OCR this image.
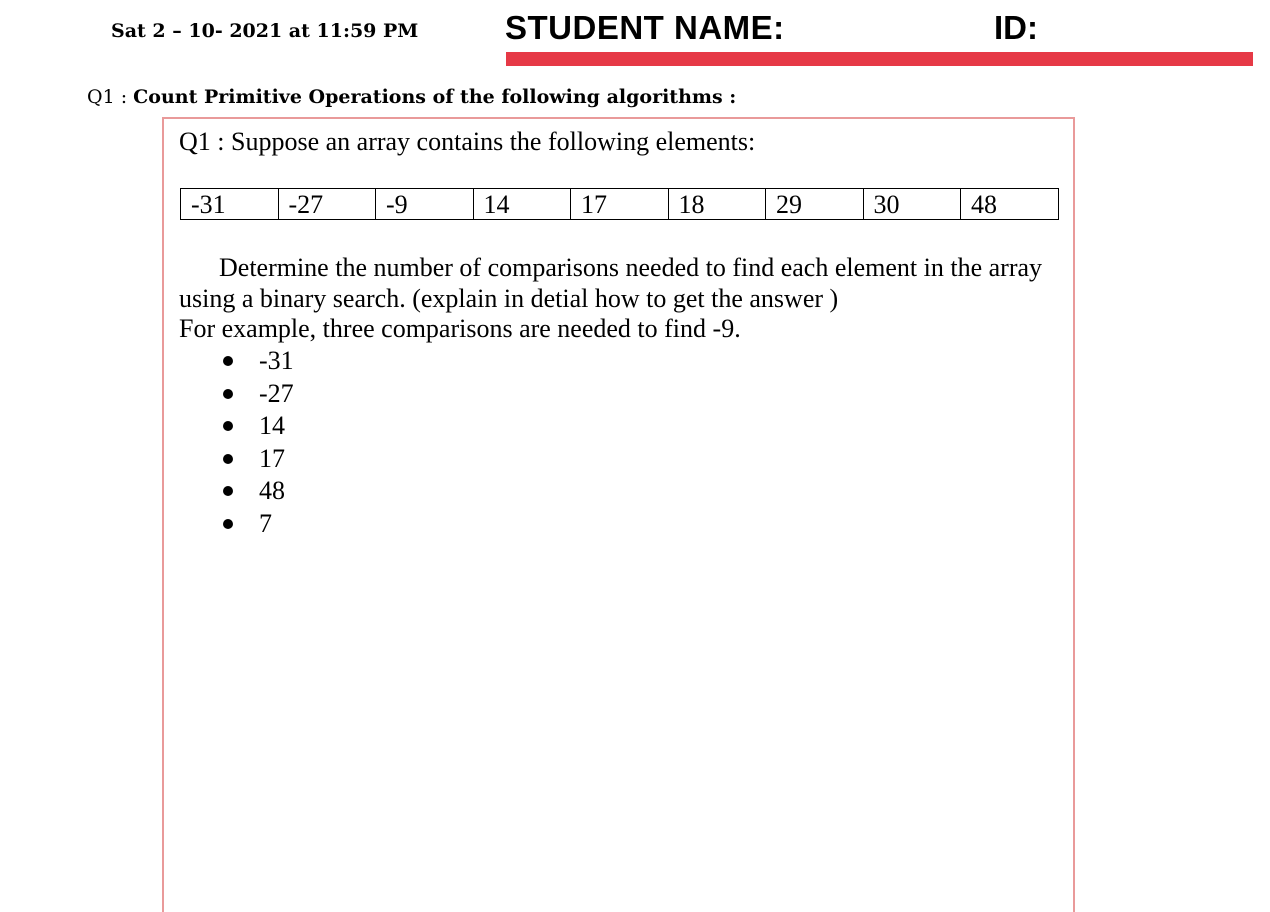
Sat 2 – 10- 2021 at 11:59 PM	STUDENT NAME:	ID:
Q1 : Count Primitive Operations of the following algorithms :
Q1 : Suppose an array contains the following elements:
-31	-27	-9	14	17	18	29	30	48

Determine the number of comparisons needed to find each element in the array using a binary search. (explain in detial how to get the answer )

For example, three comparisons are needed to find -9.

-31
-27
14
17
48
7
